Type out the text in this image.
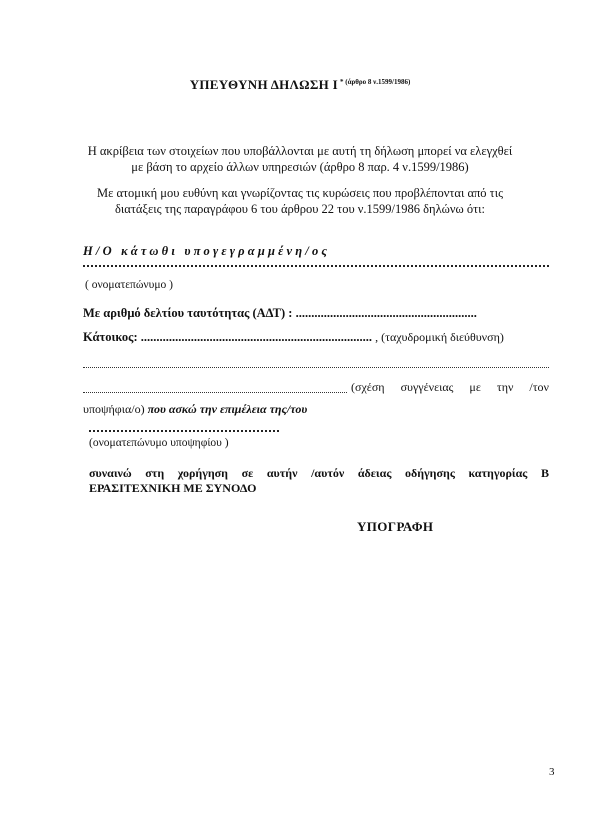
ΥΠΕΥΘΥΝΗ ΔΗΛΩΣΗ Ι $^{* (ά\rho\theta\rho o 8 \nu.1599/1986)}$
Η ακρίβεια των στοιχείων που υποβάλλονται με αυτή τη δήλωση μπορεί να ελεγχθεί
με βάση το αρχείο άλλων υπηρεσιών (άρθρο 8 παρ. 4 ν.1599/1986)
Με ατομική μου ευθύνη και γνωρίζοντας τις κυρώσεις που προβλέπονται από τις
διατάξεις της παραγράφου 6 του άρθρου 22 του ν.1599/1986 δηλώνω ότι:
Η/Ο κάτωθι υπογεγραμμένη/ος
( ονοματεπώνυμο )
Με αριθμό δελτίου ταυτότητας (ΑΔΤ) : ..........................................................
Κάτοικος: .......................................................................... , (ταχυδρομική διεύθυνση)
(σχέση συγγένειας με την /τον
υποψήφια/ο) που ασκώ την επιμέλεια της/του
(ονοματεπώνυμο υποψηφίου )
συναινώ στη χορήγηση σε αυτήν /αυτόν άδειας οδήγησης κατηγορίας Β
ΕΡΑΣΙΤΕΧΝΙΚΗ ΜΕ ΣΥΝΟΔΟ
ΥΠΟΓΡΑΦΗ
3
